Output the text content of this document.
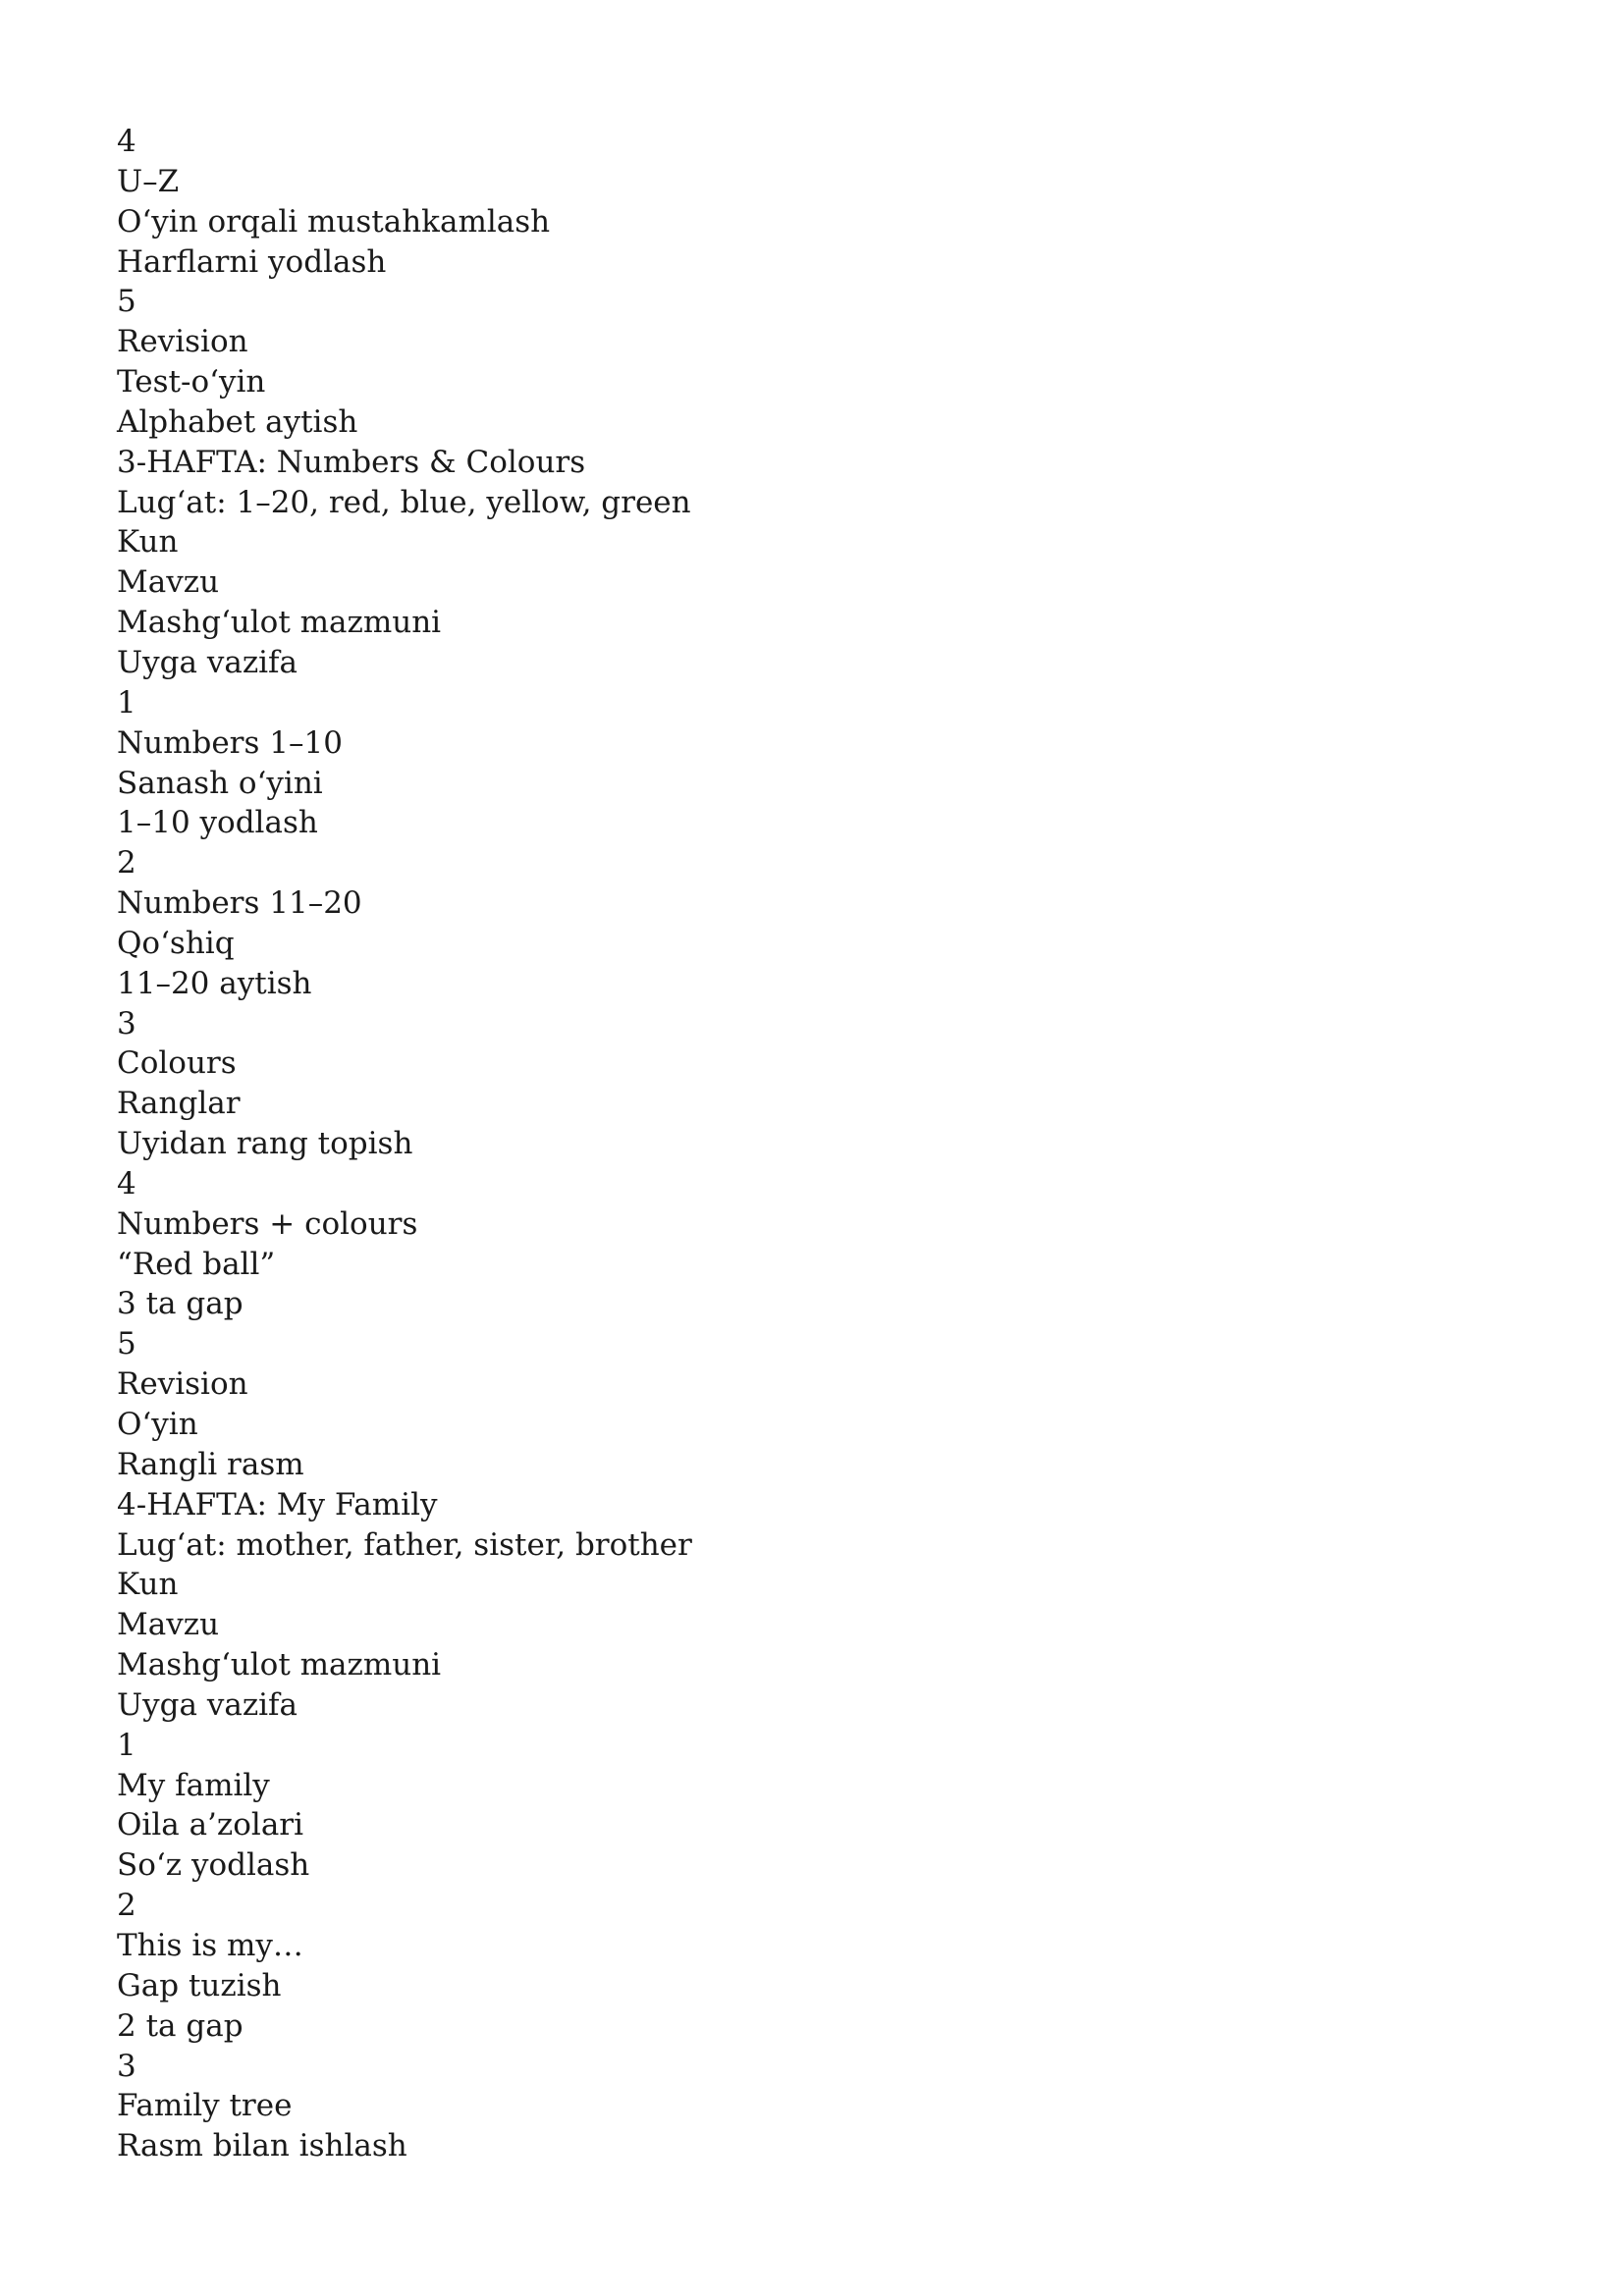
4

U–Z

O‘yin orqali mustahkamlash

Harflarni yodlash

5

Revision

Test-o‘yin

Alphabet aytish

3-HAFTA: Numbers & Colours

Lug‘at: 1–20, red, blue, yellow, green

Kun

Mavzu

Mashg‘ulot mazmuni

Uyga vazifa

1

Numbers 1–10

Sanash o‘yini

1–10 yodlash

2

Numbers 11–20

Qo‘shiq

11–20 aytish

3

Colours

Ranglar

Uyidan rang topish

4

Numbers + colours

“Red ball”

3 ta gap

5

Revision

O‘yin

Rangli rasm

4-HAFTA: My Family

Lug‘at: mother, father, sister, brother

Kun

Mavzu

Mashg‘ulot mazmuni

Uyga vazifa

1

My family

Oila a’zolari

So‘z yodlash

2

This is my…

Gap tuzish

2 ta gap

3

Family tree

Rasm bilan ishlash
